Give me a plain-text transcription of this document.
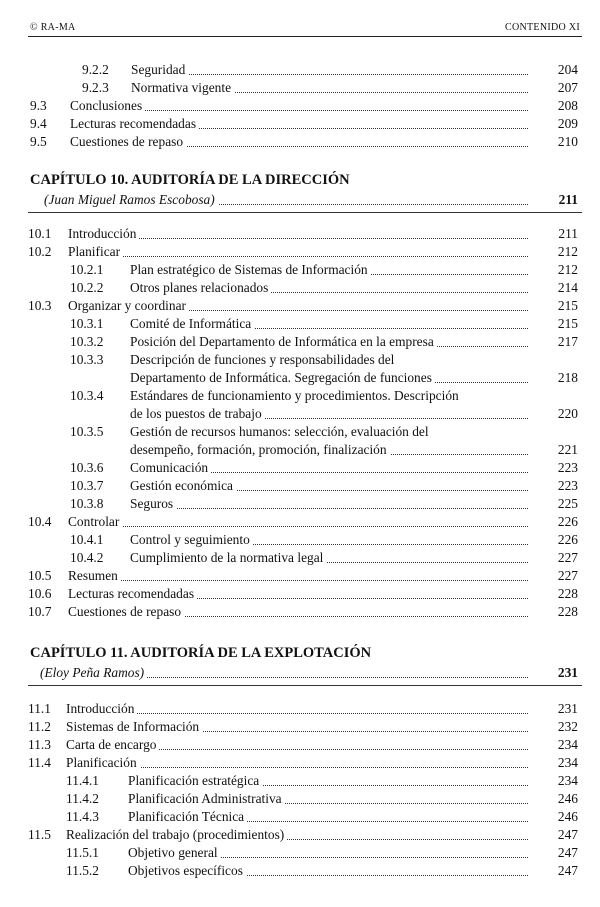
© RA-MA	CONTENIDO XI
9.2.2 Seguridad	204
9.2.3 Normativa vigente	207
9.3 Conclusiones	208
9.4 Lecturas recomendadas	209
9.5 Cuestiones de repaso	210
CAPÍTULO 10. AUDITORÍA DE LA DIRECCIÓN
(Juan Miguel Ramos Escobosa)	211
10.1 Introducción	211
10.2 Planificar	212
10.2.1 Plan estratégico de Sistemas de Información	212
10.2.2 Otros planes relacionados	214
10.3 Organizar y coordinar	215
10.3.1 Comité de Informática	215
10.3.2 Posición del Departamento de Informática en la empresa	217
10.3.3 Descripción de funciones y responsabilidades del
Departamento de Informática. Segregación de funciones	218
10.3.4 Estándares de funcionamiento y procedimientos. Descripción
de los puestos de trabajo	220
10.3.5 Gestión de recursos humanos: selección, evaluación del
desempeño, formación, promoción, finalización	221
10.3.6 Comunicación	223
10.3.7 Gestión económica	223
10.3.8 Seguros	225
10.4 Controlar	226
10.4.1 Control y seguimiento	226
10.4.2 Cumplimiento de la normativa legal	227
10.5 Resumen	227
10.6 Lecturas recomendadas	228
10.7 Cuestiones de repaso	228
CAPÍTULO 11. AUDITORÍA DE LA EXPLOTACIÓN
(Eloy Peña Ramos)	231
11.1 Introducción	231
11.2 Sistemas de Información	232
11.3 Carta de encargo	234
11.4 Planificación	234
11.4.1 Planificación estratégica	234
11.4.2 Planificación Administrativa	246
11.4.3 Planificación Técnica	246
11.5 Realización del trabajo (procedimientos)	247
11.5.1 Objetivo general	247
11.5.2 Objetivos específicos	247
